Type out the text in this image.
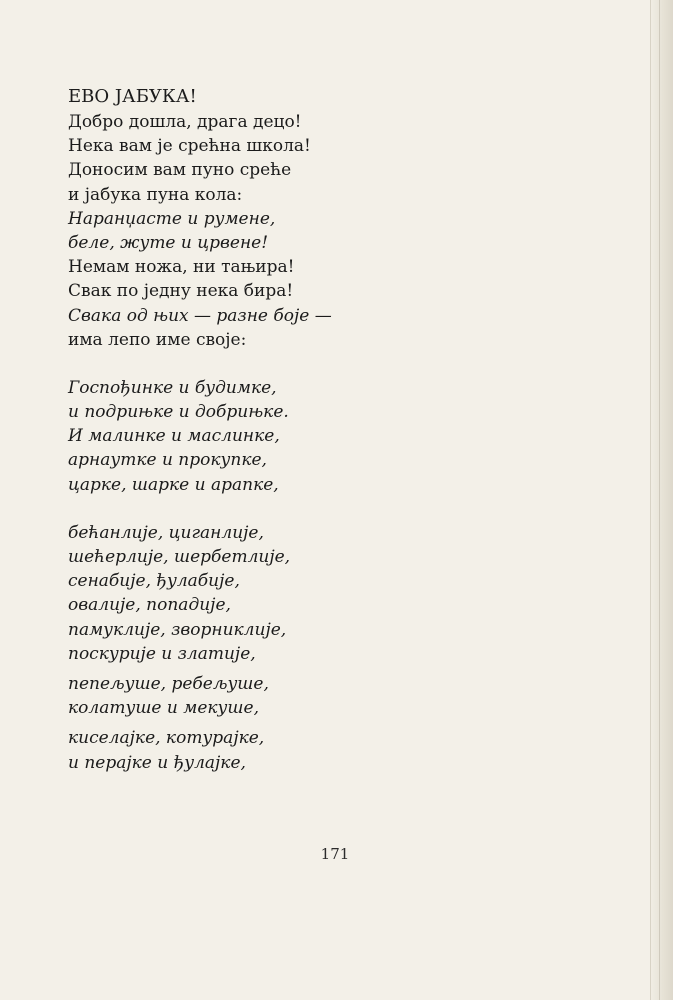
ЕВО ЈАБУКА!
Добро дошла, драга децо!
Нека вам је срећна школа!
Доносим вам пуно среће
и јабука пуна кола:
Наранџасте и румене,
беле, жуте и црвене!
Немам ножа, ни тањира!
Свак по једну нека бира!
Свака од њих — разне боје —
има лепо име своје:
Госпођинке и будимке,
и подрињке и добрињке.
И малинке и маслинке,
арнаутке и прокупке,
царке, шарке и арапке,
бећанлије, циганлије,
шећерлије, шербетлије,
сенабије, ђулабије,
овалије, попадије,
памуклије, зворниклије,
поскурије и златије,
пепељуше, ребељуше,
колатуше и мекуше,
киселајке, котурајке,
и перајке и ђулајке,
171
